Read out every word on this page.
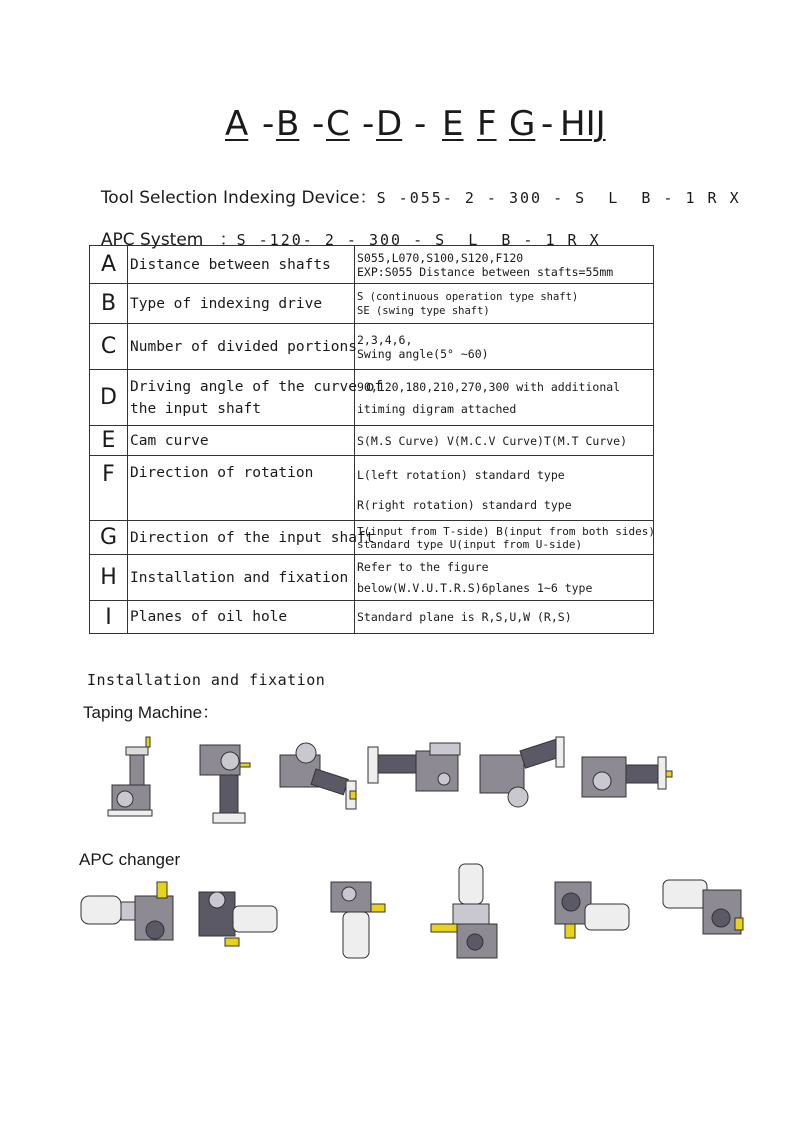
A - B - C - D - E F G - HIJ

Tool Selection Indexing Device：S -055- 2 - 300 - S  L  B - 1 R X

APC System   ：S -120- 2 - 300 - S  L  B - 1 R X

A	Distance between shafts	S055,L070,S100,S120,F120
EXP:S055 Distance between stafts=55mm

B	Type of indexing drive	S (continuous operation type shaft)
SE (swing type shaft)

C	Number of divided portions	2,3,4,6,
Swing angle(5° ~60)

D	Driving angle of the curve of
the input shaft	90,120,180,210,270,300 with additional
itiming digram attached

E	Cam curve	S(M.S Curve) V(M.C.V Curve)T(M.T Curve)

F	Direction of rotation	L(left rotation) standard type
R(right rotation) standard type

G	Direction of the input shaft	T(input from T-side) B(input from both sides)
standard type U(input from U-side)

H	Installation and fixation	Refer to the figure
below(W.V.U.T.R.S)6planes 1~6 type

I	Planes of oil hole	Standard plane is R,S,U,W (R,S)
Installation and fixation
Taping Machine：
APC changer
